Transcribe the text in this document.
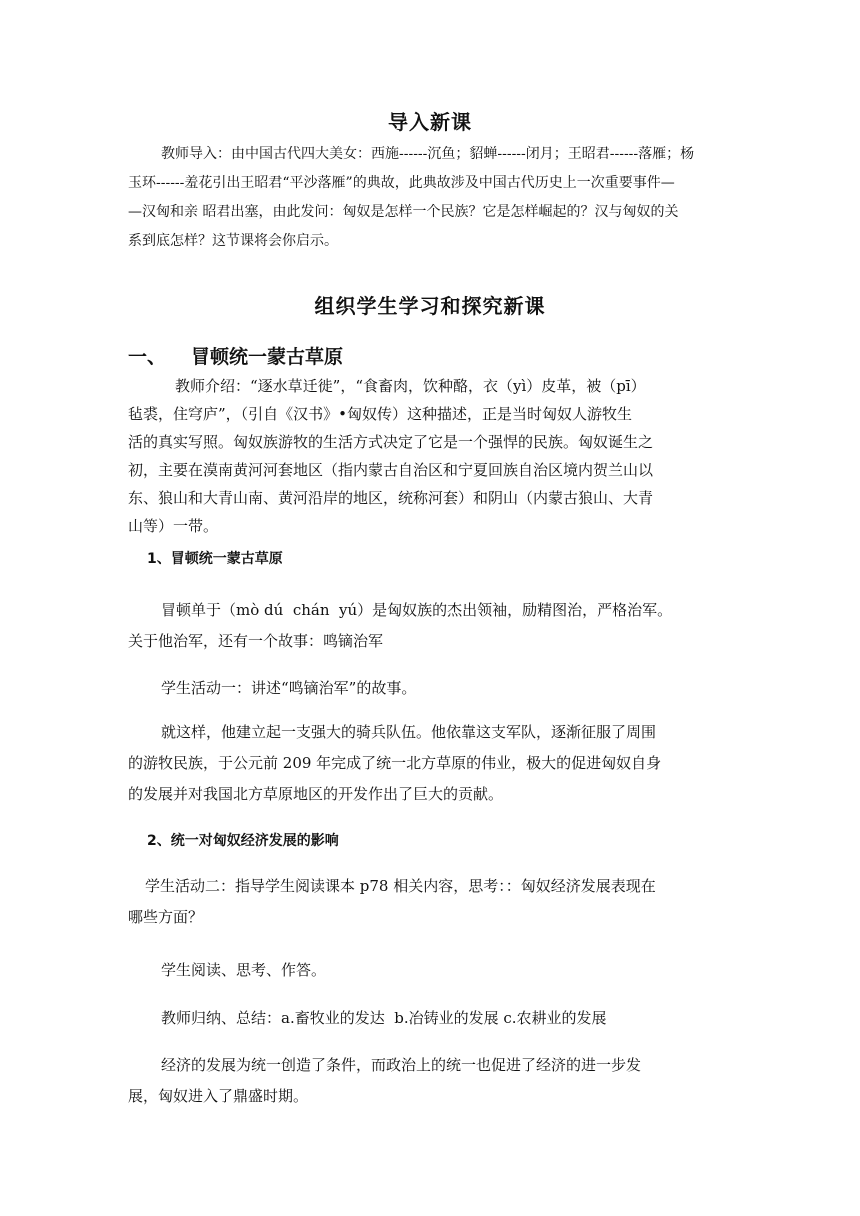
导入新课
教师导入：由中国古代四大美女：西施------沉鱼；貂蝉------闭月；王昭君------落雁；杨
玉环------羞花引出王昭君“平沙落雁”的典故，此典故涉及中国古代历史上一次重要事件—
—汉匈和亲 昭君出塞，由此发问：匈奴是怎样一个民族？它是怎样崛起的？汉与匈奴的关
系到底怎样？这节课将会你启示。
组织学生学习和探究新课
一、 冒顿统一蒙古草原
教师介绍：“逐水草迁徙”，“食畜肉，饮种酪，衣（yì）皮革，被（pī）
毡裘，住穹庐”，（引自《汉书》•匈奴传）这种描述，正是当时匈奴人游牧生
活的真实写照。匈奴族游牧的生活方式决定了它是一个强悍的民族。匈奴诞生之
初，主要在漠南黄河河套地区（指内蒙古自治区和宁夏回族自治区境内贺兰山以
东、狼山和大青山南、黄河沿岸的地区，统称河套）和阴山（内蒙古狼山、大青
山等）一带。
1、冒顿统一蒙古草原
冒顿单于（mò dú  chán  yú）是匈奴族的杰出领袖，励精图治，严格治军。
关于他治军，还有一个故事：鸣镝治军
学生活动一：讲述“鸣镝治军”的故事。
就这样，他建立起一支强大的骑兵队伍。他依靠这支军队，逐渐征服了周围
的游牧民族，于公元前 209 年完成了统一北方草原的伟业，极大的促进匈奴自身
的发展并对我国北方草原地区的开发作出了巨大的贡献。
2、统一对匈奴经济发展的影响
学生活动二：指导学生阅读课本 p78 相关内容，思考：：匈奴经济发展表现在
哪些方面？
学生阅读、思考、作答。
教师归纳、总结：a.畜牧业的发达  b.冶铸业的发展 c.农耕业的发展
经济的发展为统一创造了条件，而政治上的统一也促进了经济的进一步发
展，匈奴进入了鼎盛时期。
